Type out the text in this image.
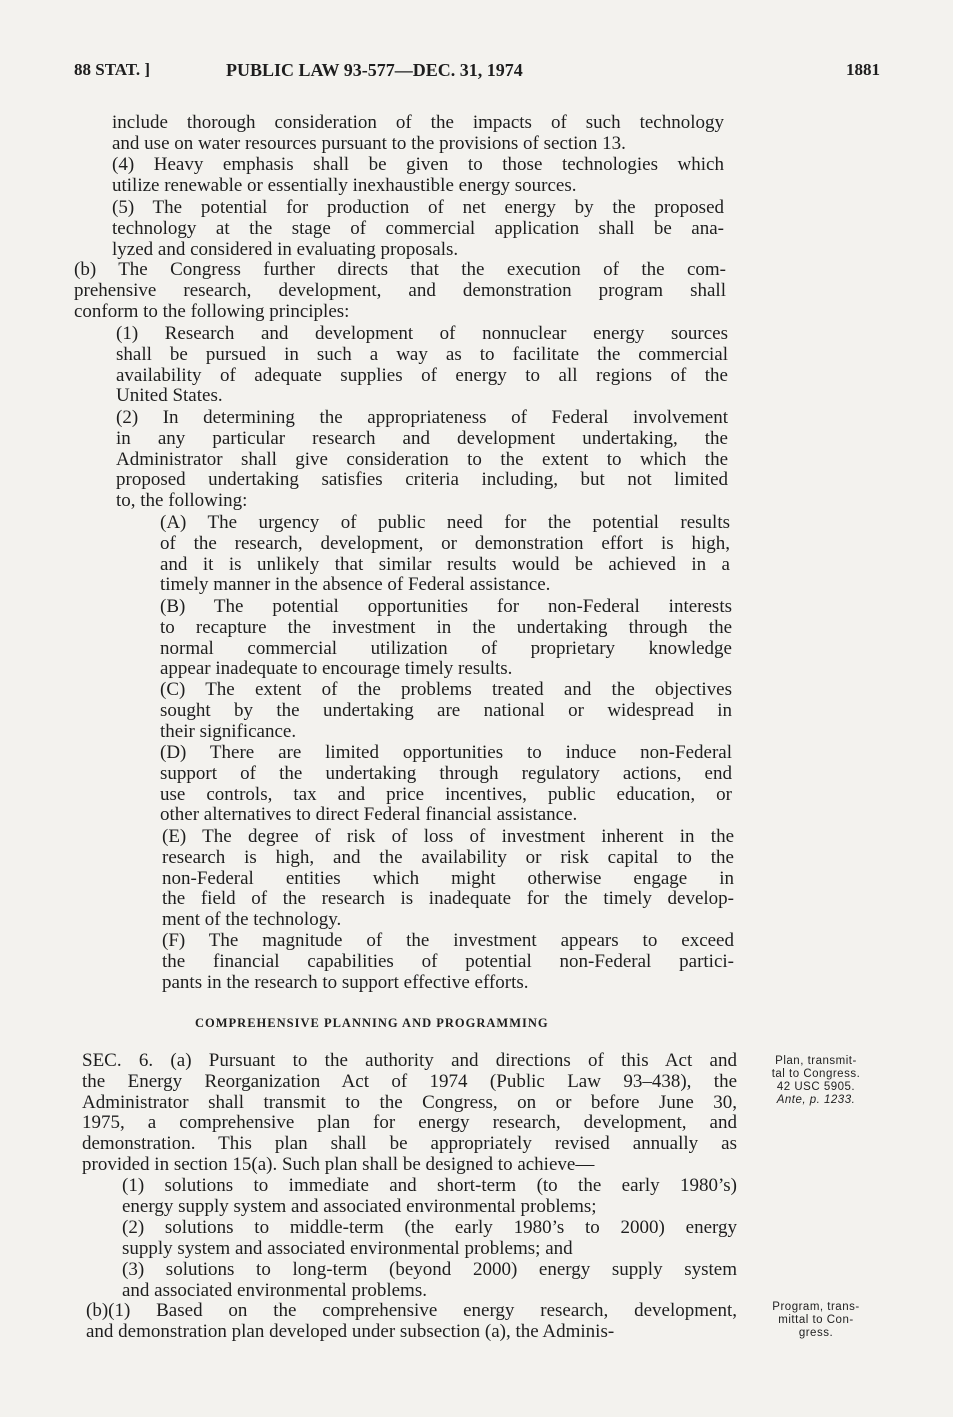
88 STAT. ]	PUBLIC LAW 93-577—DEC. 31, 1974	1881
include thorough consideration of the impacts of such technology
and use on water resources pursuant to the provisions of section 13.
(4) Heavy emphasis shall be given to those technologies which
utilize renewable or essentially inexhaustible energy sources.
(5) The potential for production of net energy by the proposed
technology at the stage of commercial application shall be ana-
lyzed and considered in evaluating proposals.
(b) The Congress further directs that the execution of the com-
prehensive research, development, and demonstration program shall
conform to the following principles:
(1) Research and development of nonnuclear energy sources
shall be pursued in such a way as to facilitate the commercial
availability of adequate supplies of energy to all regions of the
United States.
(2) In determining the appropriateness of Federal involvement
in any particular research and development undertaking, the
Administrator shall give consideration to the extent to which the
proposed undertaking satisfies criteria including, but not limited
to, the following:
(A) The urgency of public need for the potential results
of the research, development, or demonstration effort is high,
and it is unlikely that similar results would be achieved in a
timely manner in the absence of Federal assistance.
(B) The potential opportunities for non-Federal interests
to recapture the investment in the undertaking through the
normal commercial utilization of proprietary knowledge
appear inadequate to encourage timely results.
(C) The extent of the problems treated and the objectives
sought by the undertaking are national or widespread in
their significance.
(D) There are limited opportunities to induce non-Federal
support of the undertaking through regulatory actions, end
use controls, tax and price incentives, public education, or
other alternatives to direct Federal financial assistance.
(E) The degree of risk of loss of investment inherent in the
research is high, and the availability or risk capital to the
non-Federal entities which might otherwise engage in
the field of the research is inadequate for the timely develop-
ment of the technology.
(F) The magnitude of the investment appears to exceed
the financial capabilities of potential non-Federal partici-
pants in the research to support effective efforts.
COMPREHENSIVE PLANNING AND PROGRAMMING
SEC. 6. (a) Pursuant to the authority and directions of this Act and
the Energy Reorganization Act of 1974 (Public Law 93–438), the
Administrator shall transmit to the Congress, on or before June 30,
1975, a comprehensive plan for energy research, development, and
demonstration. This plan shall be appropriately revised annually as
provided in section 15(a). Such plan shall be designed to achieve—
(1) solutions to immediate and short-term (to the early 1980’s)
energy supply system and associated environmental problems;
(2) solutions to middle-term (the early 1980’s to 2000) energy
supply system and associated environmental problems; and
(3) solutions to long-term (beyond 2000) energy supply system
and associated environmental problems.
(b)(1) Based on the comprehensive energy research, development,
and demonstration plan developed under subsection (a), the Adminis-
Plan, transmit-
tal to Congress.
42 USC 5905.
Ante, p. 1233.
Program, trans-
mittal to Con-
gress.
